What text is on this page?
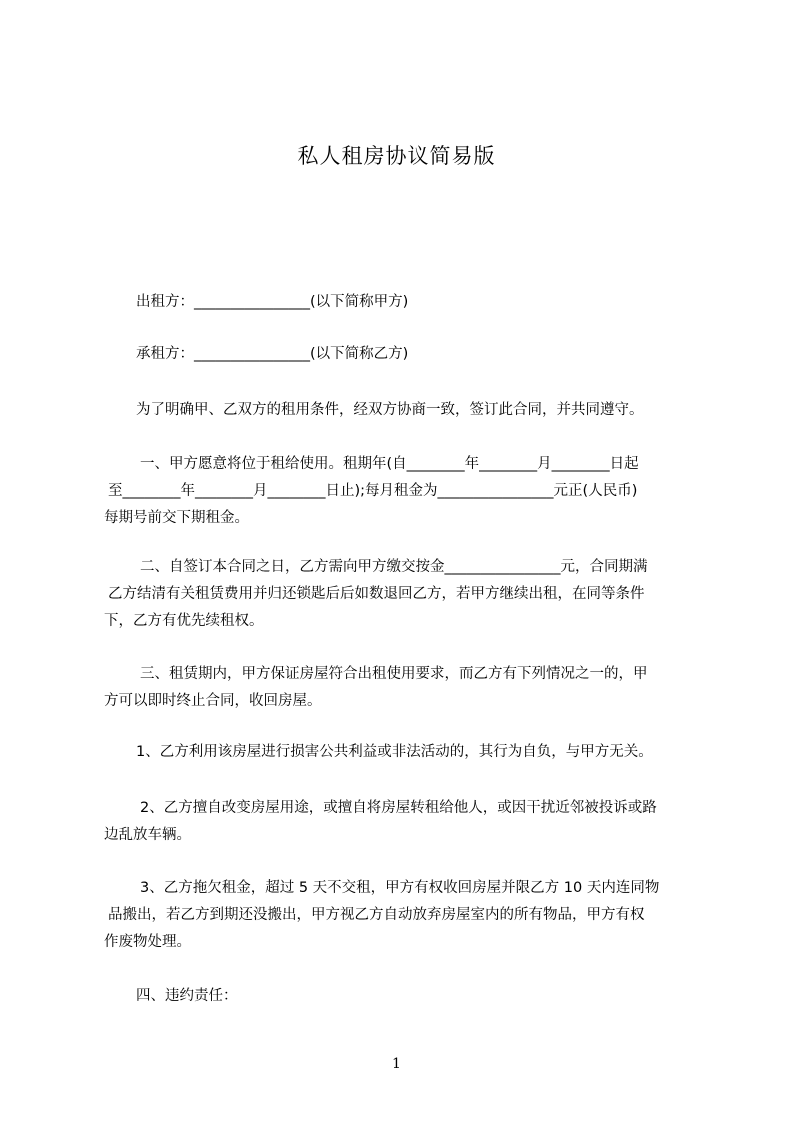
私人租房协议简易版
出租方：________________(以下简称甲方)
承租方：________________(以下简称乙方)
为了明确甲、乙双方的租用条件，经双方协商一致，签订此合同，并共同遵守。
一、甲方愿意将位于租给使用。租期年(自________年________月________日起
至________年________月________日止);每月租金为________________元正(人民币)
每期号前交下期租金。
二、自签订本合同之日，乙方需向甲方缴交按金________________元，合同期满
乙方结清有关租赁费用并归还锁匙后后如数退回乙方，若甲方继续出租，在同等条件
下，乙方有优先续租权。
三、租赁期内，甲方保证房屋符合出租使用要求，而乙方有下列情况之一的，甲
方可以即时终止合同，收回房屋。
1、乙方利用该房屋进行损害公共利益或非法活动的，其行为自负，与甲方无关。
2、乙方擅自改变房屋用途，或擅自将房屋转租给他人，或因干扰近邻被投诉或路
边乱放车辆。
3、乙方拖欠租金，超过 5 天不交租，甲方有权收回房屋并限乙方 10 天内连同物
品搬出，若乙方到期还没搬出，甲方视乙方自动放弃房屋室内的所有物品，甲方有权
作废物处理。
四、违约责任：
1
